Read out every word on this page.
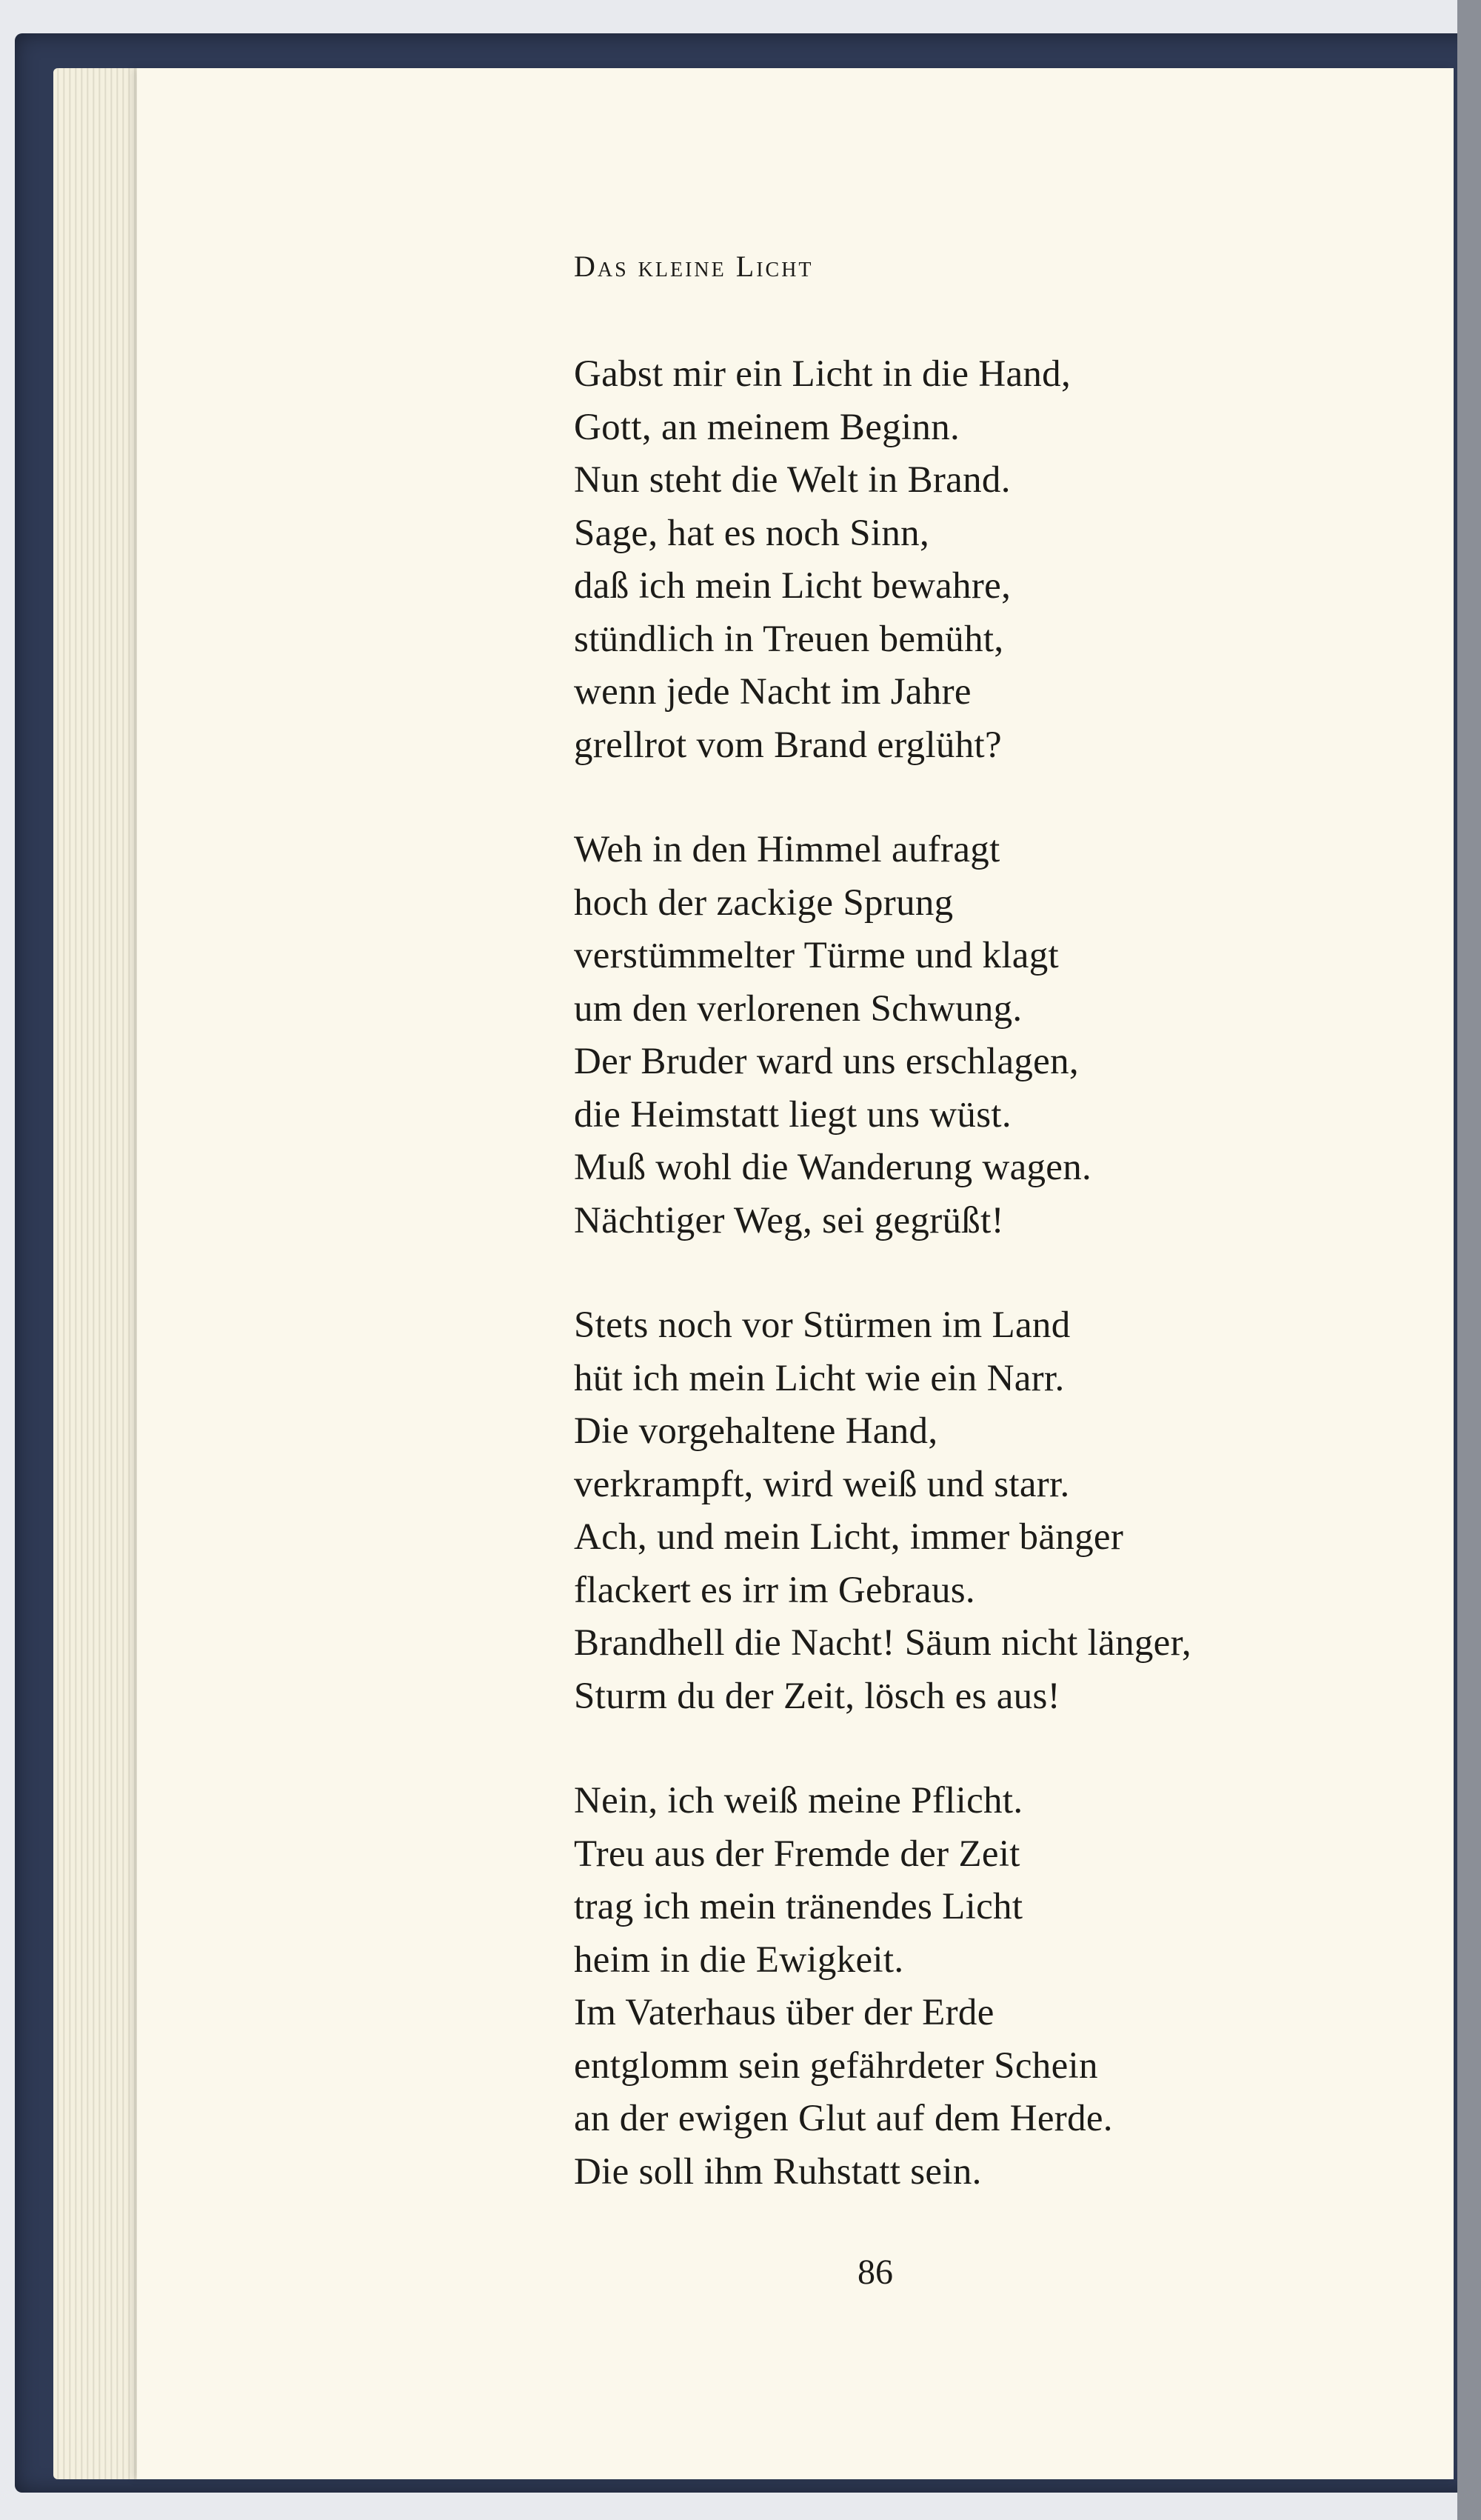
Das kleine Licht
Gabst mir ein Licht in die Hand,
Gott, an meinem Beginn.
Nun steht die Welt in Brand.
Sage, hat es noch Sinn,
daß ich mein Licht bewahre,
stündlich in Treuen bemüht,
wenn jede Nacht im Jahre
grellrot vom Brand erglüht?
Weh in den Himmel aufragt
hoch der zackige Sprung
verstümmelter Türme und klagt
um den verlorenen Schwung.
Der Bruder ward uns erschlagen,
die Heimstatt liegt uns wüst.
Muß wohl die Wanderung wagen.
Nächtiger Weg, sei gegrüßt!
Stets noch vor Stürmen im Land
hüt ich mein Licht wie ein Narr.
Die vorgehaltene Hand,
verkrampft, wird weiß und starr.
Ach, und mein Licht, immer bänger
flackert es irr im Gebraus.
Brandhell die Nacht! Säum nicht länger,
Sturm du der Zeit, lösch es aus!
Nein, ich weiß meine Pflicht.
Treu aus der Fremde der Zeit
trag ich mein tränendes Licht
heim in die Ewigkeit.
Im Vaterhaus über der Erde
entglomm sein gefährdeter Schein
an der ewigen Glut auf dem Herde.
Die soll ihm Ruhstatt sein.
86
